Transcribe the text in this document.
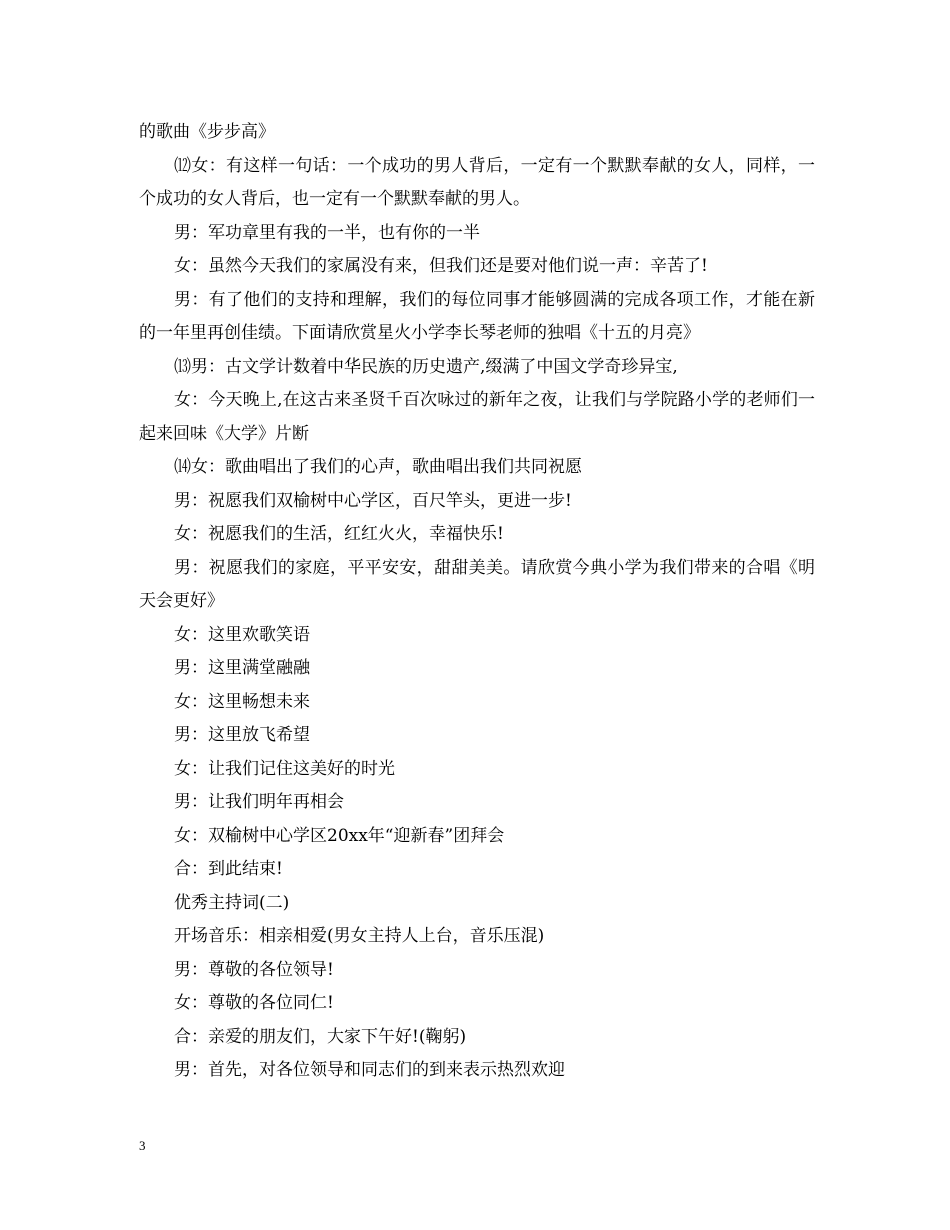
的歌曲《步步高》

⑿女：有这样一句话：一个成功的男人背后，一定有一个默默奉献的女人，同样，一个成功的女人背后，也一定有一个默默奉献的男人。

男：军功章里有我的一半，也有你的一半

女：虽然今天我们的家属没有来，但我们还是要对他们说一声：辛苦了!

男：有了他们的支持和理解，我们的每位同事才能够圆满的完成各项工作，才能在新的一年里再创佳绩。下面请欣赏星火小学李长琴老师的独唱《十五的月亮》

⒀男：古文学计数着中华民族的历史遗产,缀满了中国文学奇珍异宝,

女：今天晚上,在这古来圣贤千百次咏过的新年之夜，让我们与学院路小学的老师们一起来回味《大学》片断

⒁女：歌曲唱出了我们的心声，歌曲唱出我们共同祝愿

男：祝愿我们双榆树中心学区，百尺竿头，更进一步!

女：祝愿我们的生活，红红火火，幸福快乐!

男：祝愿我们的家庭，平平安安，甜甜美美。请欣赏今典小学为我们带来的合唱《明天会更好》

女：这里欢歌笑语

男：这里满堂融融

女：这里畅想未来

男：这里放飞希望

女：让我们记住这美好的时光

男：让我们明年再相会

女：双榆树中心学区20xx年“迎新春”团拜会

合：到此结束!

优秀主持词(二)

开场音乐：相亲相爱(男女主持人上台，音乐压混)

男：尊敬的各位领导!

女：尊敬的各位同仁!

合：亲爱的朋友们，大家下午好!(鞠躬)

男：首先，对各位领导和同志们的到来表示热烈欢迎

3
